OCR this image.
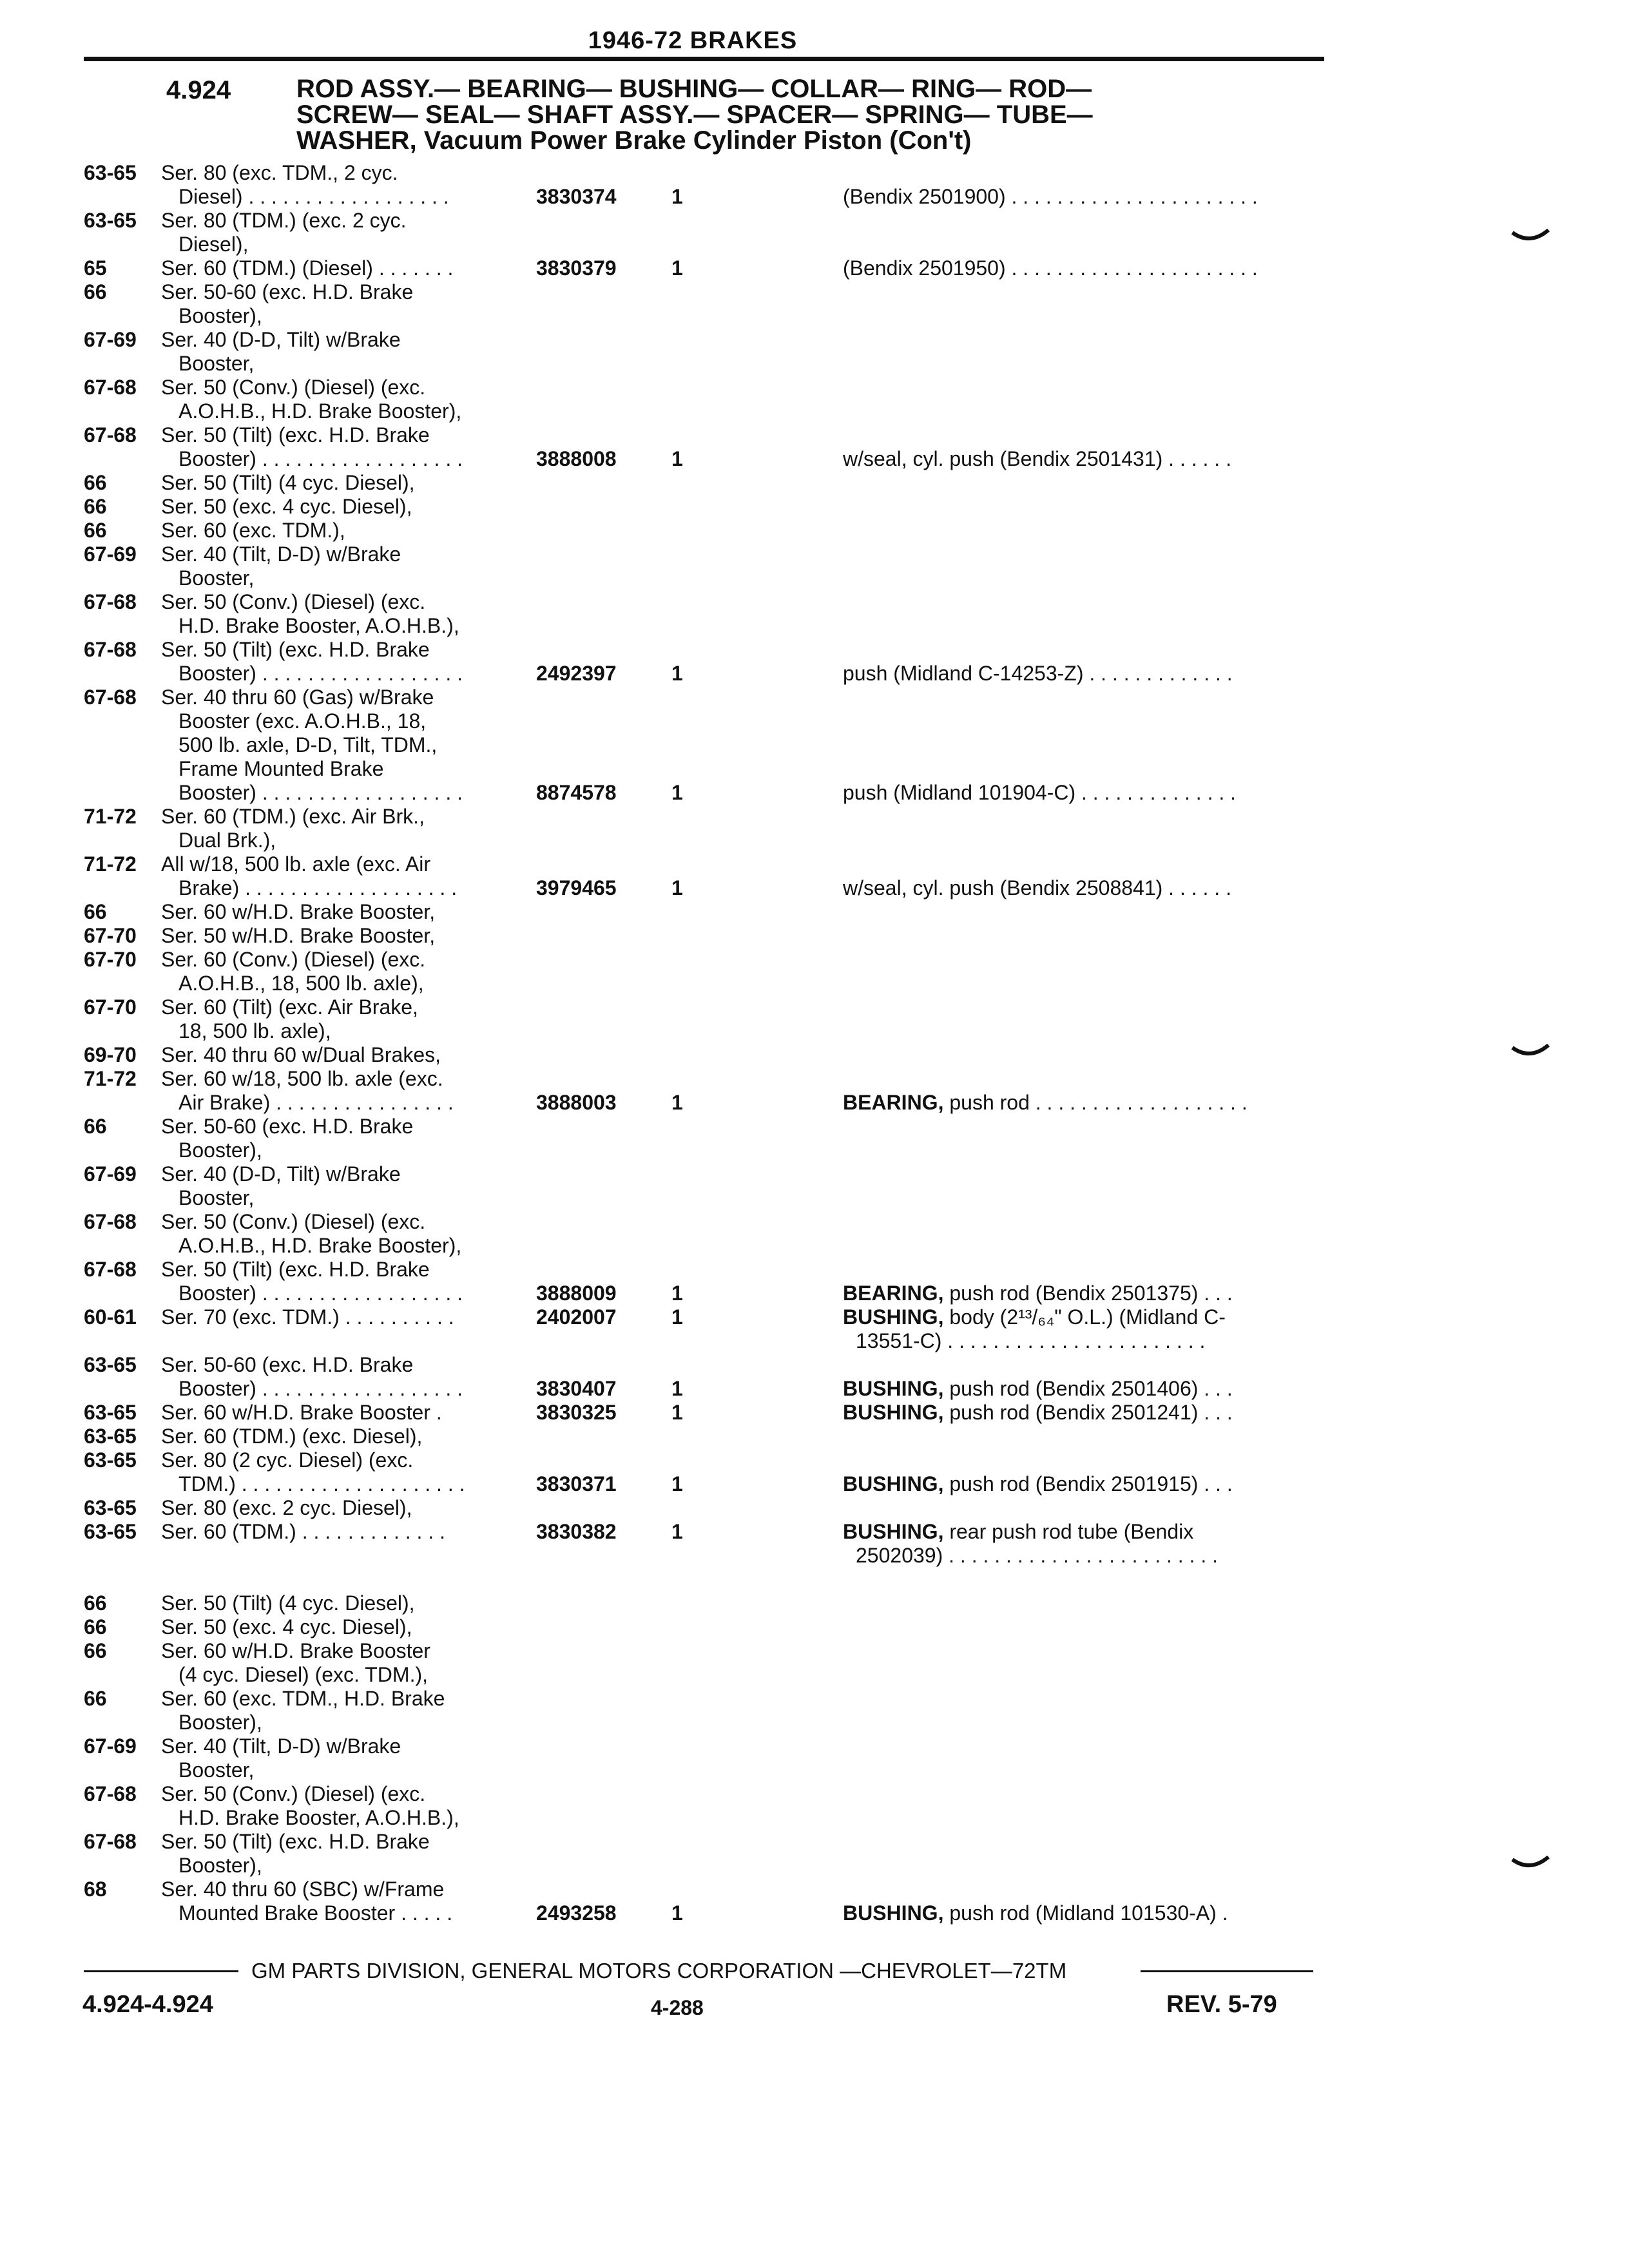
1946-72 BRAKES
4.924	ROD ASSY.— BEARING— BUSHING— COLLAR— RING— ROD—
SCREW— SEAL— SHAFT ASSY.— SPACER— SPRING— TUBE—
WASHER, Vacuum Power Brake Cylinder Piston (Con't)
63-65 Ser. 80 (exc. TDM., 2 cyc.
Diesel) . . . . . . . . . . . . . . . . . .	3830374	1	(Bendix 2501900) . . . . . . . . . . . . . . . . . . . . . .
63-65 Ser. 80 (TDM.) (exc. 2 cyc.
Diesel),
65	Ser. 60 (TDM.) (Diesel) . . . . . . .	3830379	1	(Bendix 2501950) . . . . . . . . . . . . . . . . . . . . . .
66	Ser. 50-60 (exc. H.D. Brake
Booster),
67-69 Ser. 40 (D-D, Tilt) w/Brake
Booster,
67-68 Ser. 50 (Conv.) (Diesel) (exc.
A.O.H.B., H.D. Brake Booster),
67-68 Ser. 50 (Tilt) (exc. H.D. Brake
Booster) . . . . . . . . . . . . . . . . . .	3888008	1	w/seal, cyl. push (Bendix 2501431) . . . . . .
66	Ser. 50 (Tilt) (4 cyc. Diesel),
66	Ser. 50 (exc. 4 cyc. Diesel),
66	Ser. 60 (exc. TDM.),
67-69 Ser. 40 (Tilt, D-D) w/Brake
Booster,
67-68 Ser. 50 (Conv.) (Diesel) (exc.
H.D. Brake Booster, A.O.H.B.),
67-68 Ser. 50 (Tilt) (exc. H.D. Brake
Booster) . . . . . . . . . . . . . . . . . .	2492397	1	push (Midland C-14253-Z) . . . . . . . . . . . . .
67-68 Ser. 40 thru 60 (Gas) w/Brake
Booster (exc. A.O.H.B., 18,
500 lb. axle, D-D, Tilt, TDM.,
Frame Mounted Brake
Booster) . . . . . . . . . . . . . . . . . .	8874578	1	push (Midland 101904-C) . . . . . . . . . . . . . .
71-72 Ser. 60 (TDM.) (exc. Air Brk.,
Dual Brk.),
71-72 All w/18, 500 lb. axle (exc. Air
Brake) . . . . . . . . . . . . . . . . . . .	3979465	1	w/seal, cyl. push (Bendix 2508841) . . . . . .
66	Ser. 60 w/H.D. Brake Booster,
67-70 Ser. 50 w/H.D. Brake Booster,
67-70 Ser. 60 (Conv.) (Diesel) (exc.
A.O.H.B., 18, 500 lb. axle),
67-70 Ser. 60 (Tilt) (exc. Air Brake,
18, 500 lb. axle),
69-70 Ser. 40 thru 60 w/Dual Brakes,
71-72 Ser. 60 w/18, 500 lb. axle (exc.
Air Brake) . . . . . . . . . . . . . . . .	3888003	1	BEARING, push rod . . . . . . . . . . . . . . . . . . .
66	Ser. 50-60 (exc. H.D. Brake
Booster),
67-69 Ser. 40 (D-D, Tilt) w/Brake
Booster,
67-68 Ser. 50 (Conv.) (Diesel) (exc.
A.O.H.B., H.D. Brake Booster),
67-68 Ser. 50 (Tilt) (exc. H.D. Brake
Booster) . . . . . . . . . . . . . . . . . .	3888009	1	BEARING, push rod (Bendix 2501375) . . .
60-61 Ser. 70 (exc. TDM.) . . . . . . . . . .	2402007	1	BUSHING, body (2¹³/₆₄" O.L.) (Midland C-
13551-C) . . . . . . . . . . . . . . . . . . . . . . .
63-65 Ser. 50-60 (exc. H.D. Brake
Booster) . . . . . . . . . . . . . . . . . .	3830407	1	BUSHING, push rod (Bendix 2501406) . . .
63-65 Ser. 60 w/H.D. Brake Booster .	3830325	1	BUSHING, push rod (Bendix 2501241) . . .
63-65 Ser. 60 (TDM.) (exc. Diesel),
63-65 Ser. 80 (2 cyc. Diesel) (exc.
TDM.) . . . . . . . . . . . . . . . . . . . .	3830371	1	BUSHING, push rod (Bendix 2501915) . . .
63-65 Ser. 80 (exc. 2 cyc. Diesel),
63-65 Ser. 60 (TDM.) . . . . . . . . . . . . .	3830382	1	BUSHING, rear push rod tube (Bendix
2502039) . . . . . . . . . . . . . . . . . . . . . . . .
66	Ser. 50 (Tilt) (4 cyc. Diesel),
66	Ser. 50 (exc. 4 cyc. Diesel),
66	Ser. 60 w/H.D. Brake Booster
(4 cyc. Diesel) (exc. TDM.),
66	Ser. 60 (exc. TDM., H.D. Brake
Booster),
67-69 Ser. 40 (Tilt, D-D) w/Brake
Booster,
67-68 Ser. 50 (Conv.) (Diesel) (exc.
H.D. Brake Booster, A.O.H.B.),
67-68 Ser. 50 (Tilt) (exc. H.D. Brake
Booster),
68	Ser. 40 thru 60 (SBC) w/Frame
Mounted Brake Booster . . . . .	2493258	1	BUSHING, push rod (Midland 101530-A) .
GM PARTS DIVISION, GENERAL MOTORS CORPORATION —CHEVROLET—72TM
4.924-4.924	4-288	REV. 5-79
